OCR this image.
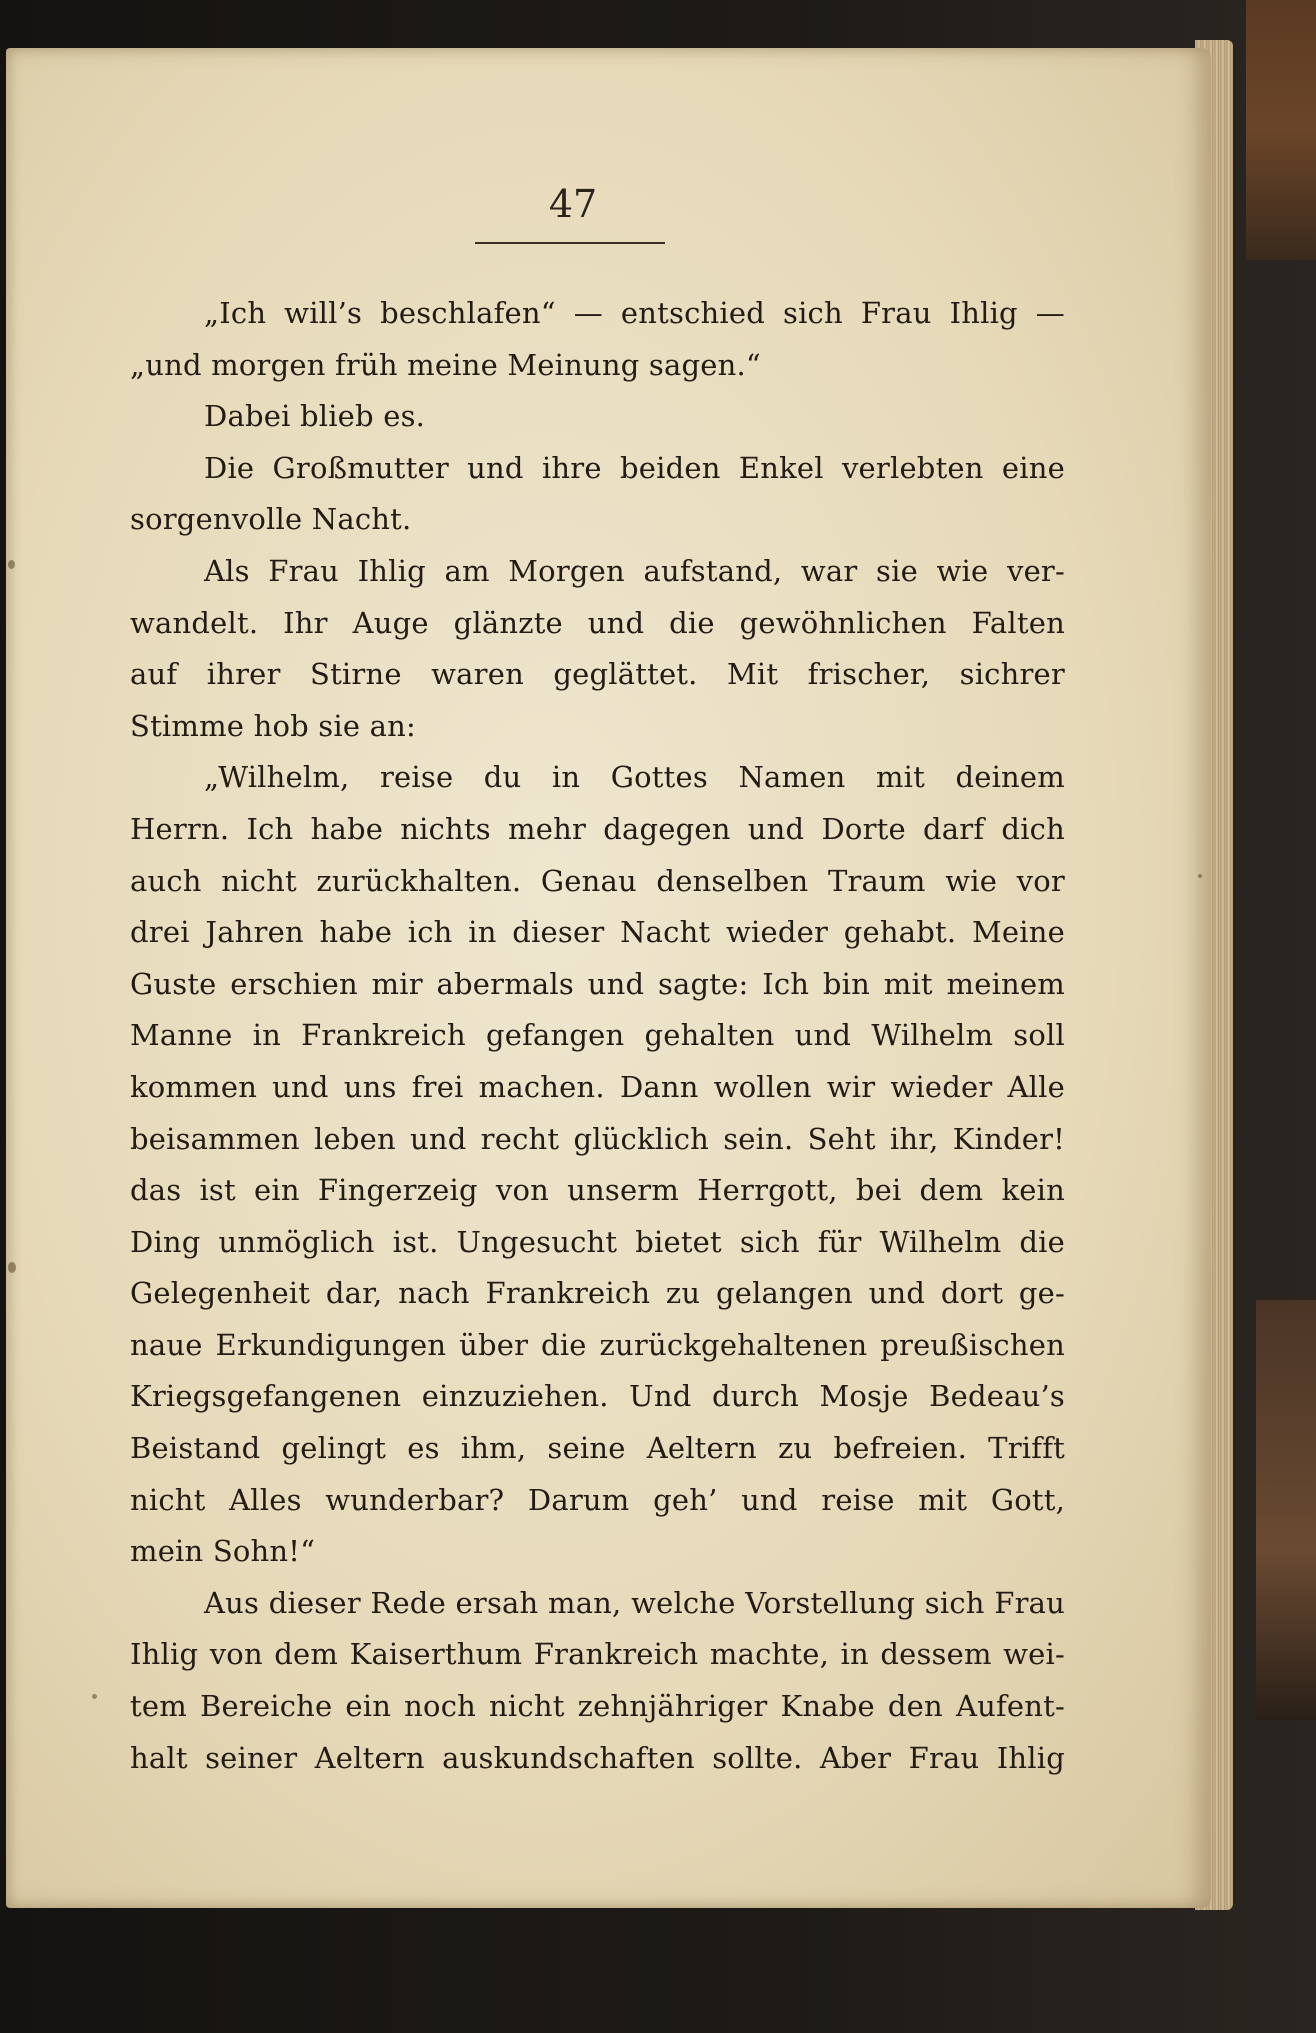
47
„Ich will’s beschlafen“ — entschied sich Frau Ihlig —
„und morgen früh meine Meinung sagen.“
Dabei blieb es.
Die Großmutter und ihre beiden Enkel verlebten eine
sorgenvolle Nacht.
Als Frau Ihlig am Morgen aufstand, war sie wie ver-
wandelt. Ihr Auge glänzte und die gewöhnlichen Falten
auf ihrer Stirne waren geglättet. Mit frischer, sichrer
Stimme hob sie an:
„Wilhelm, reise du in Gottes Namen mit deinem
Herrn. Ich habe nichts mehr dagegen und Dorte darf dich
auch nicht zurückhalten. Genau denselben Traum wie vor
drei Jahren habe ich in dieser Nacht wieder gehabt. Meine
Guste erschien mir abermals und sagte: Ich bin mit meinem
Manne in Frankreich gefangen gehalten und Wilhelm soll
kommen und uns frei machen. Dann wollen wir wieder Alle
beisammen leben und recht glücklich sein. Seht ihr, Kinder!
das ist ein Fingerzeig von unserm Herrgott, bei dem kein
Ding unmöglich ist. Ungesucht bietet sich für Wilhelm die
Gelegenheit dar, nach Frankreich zu gelangen und dort ge-
naue Erkundigungen über die zurückgehaltenen preußischen
Kriegsgefangenen einzuziehen. Und durch Mosje Bedeau’s
Beistand gelingt es ihm, seine Aeltern zu befreien. Trifft
nicht Alles wunderbar? Darum geh’ und reise mit Gott,
mein Sohn!“
Aus dieser Rede ersah man, welche Vorstellung sich Frau
Ihlig von dem Kaiserthum Frankreich machte, in dessem wei-
tem Bereiche ein noch nicht zehnjähriger Knabe den Aufent-
halt seiner Aeltern auskundschaften sollte. Aber Frau Ihlig
